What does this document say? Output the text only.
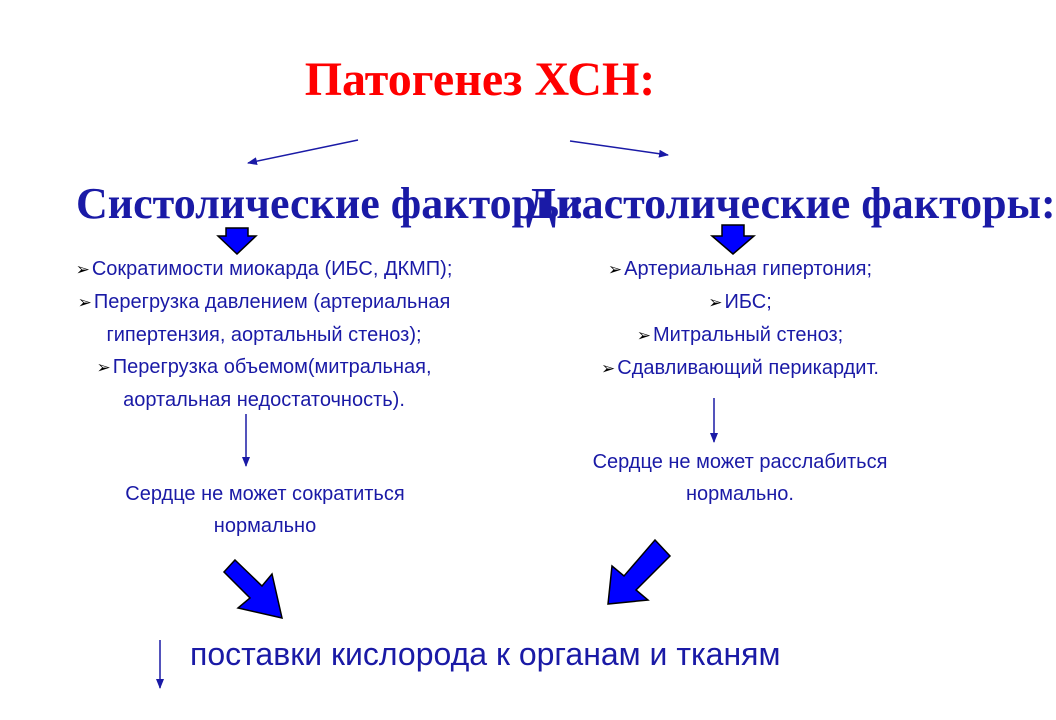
Патогенез ХСН:
Систолические факторы:
Диастолические факторы:
➢ Сократимости миокарда (ИБС, ДКМП);
➢ Перегрузка давлением (артериальная
гипертензия, аортальный стеноз);
➢ Перегрузка объемом(митральная,
аортальная недостаточность).
➢ Артериальная гипертония;
➢ ИБС;
➢ Митральный стеноз;
➢ Сдавливающий перикардит.
Сердце не может сократиться
нормально
Сердце не может расслабиться
нормально.
поставки кислорода к органам и тканям
